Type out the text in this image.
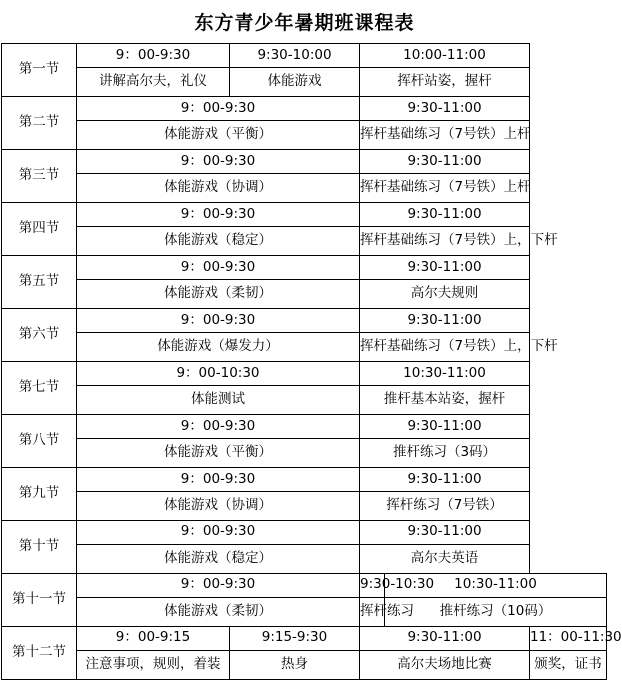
东方青少年暑期班课程表
第一节	9：00-9:30	9:30-10:00	10:00-11:00		
	讲解高尔夫，礼仪	体能游戏	挥杆站姿，握杆		
第二节	9：00-9:30		9:30-11:00		
	体能游戏（平衡）		挥杆基础练习（7号铁）上杆		
第三节	9：00-9:30		9:30-11:00		
	体能游戏（协调）		挥杆基础练习（7号铁）上杆		
第四节	9：00-9:30		9:30-11:00		
	体能游戏（稳定）		挥杆基础练习（7号铁）上，下杆		
第五节	9：00-9:30		9:30-11:00		
	体能游戏（柔韧）		高尔夫规则		
第六节	9：00-9:30		9:30-11:00		
	体能游戏（爆发力）		挥杆基础练习（7号铁）上，下杆		
第七节	9：00-10:30		10:30-11:00		
	体能测试		推杆基本站姿，握杆		
第八节	9：00-9:30		9:30-11:00		
	体能游戏（平衡）		推杆练习（3码）		
第九节	9：00-9:30		9:30-11:00		
	体能游戏（协调）		挥杆练习（7号铁）		
第十节	9：00-9:30		9:30-11:00		
	体能游戏（稳定）		高尔夫英语		
第十一节	9：00-9:30		9:30-10:30	10:30-11:00	
	体能游戏（柔韧）		挥杆练习	推杆练习（10码）	
第十二节	9：00-9:15	9:15-9:30	9:30-11:00		11：00-11:30
	注意事项，规则，着装	热身	高尔夫场地比赛		颁奖，证书
